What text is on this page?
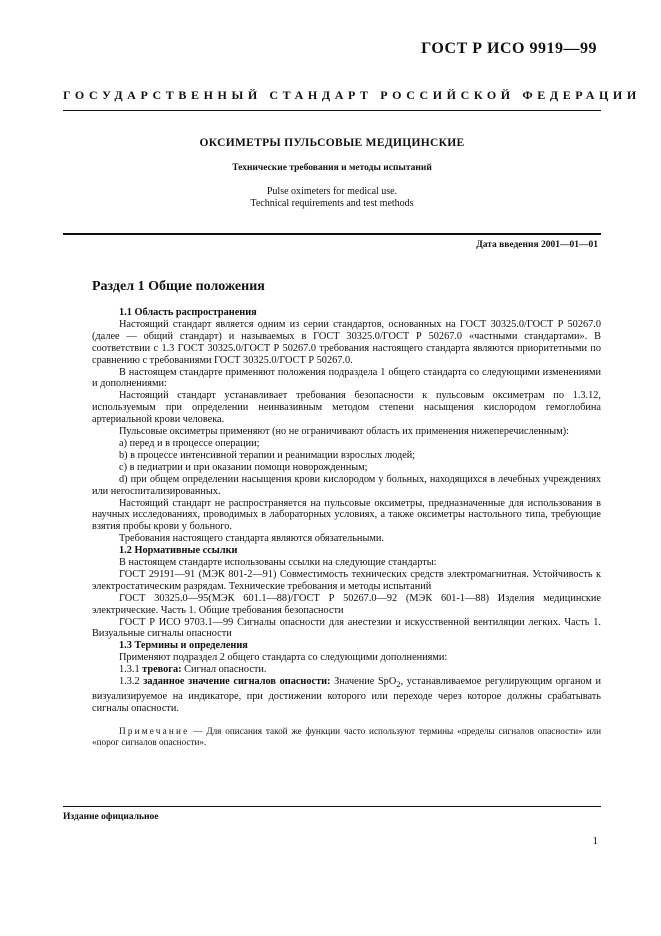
ГОСТ Р ИСО 9919—99
ГОСУДАРСТВЕННЫЙ СТАНДАРТ РОССИЙСКОЙ ФЕДЕРАЦИИ
ОКСИМЕТРЫ ПУЛЬСОВЫЕ МЕДИЦИНСКИЕ
Технические требования и методы испытаний
Pulse oximeters for medical use.
Technical requirements and test methods
Дата введения 2001—01—01
Раздел 1 Общие положения

1.1 Область распространения

Настоящий стандарт является одним из серии стандартов, основанных на ГОСТ 30325.0/ГОСТ Р 50267.0 (далее — общий стандарт) и называемых в ГОСТ 30325.0/ГОСТ Р 50267.0 «частными стандартами». В соответствии с 1.3 ГОСТ 30325.0/ГОСТ Р 50267.0 требования настоящего стандарта являются приоритетными по сравнению с требованиями ГОСТ 30325.0/ГОСТ Р 50267.0.

В настоящем стандарте применяют положения подраздела 1 общего стандарта со следующими изменениями и дополнениями:

Настоящий стандарт устанавливает требования безопасности к пульсовым оксиметрам по 1.3.12, используемым при определении неинвазивным методом степени насыщения кислородом гемоглобина артериальной крови человека.

Пульсовые оксиметры применяют (но не ограничивают область их применения нижеперечисленным):

a) перед и в процессе операции;

b) в процессе интенсивной терапии и реанимации взрослых людей;

c) в педиатрии и при оказании помощи новорожденным;

d) при общем определении насыщения крови кислородом у больных, находящихся в лечебных учреждениях или негоспитализированных.

Настоящий стандарт не распространяется на пульсовые оксиметры, предназначенные для использования в научных исследованиях, проводимых в лабораторных условиях, а также оксиметры настольного типа, требующие взятия пробы крови у больного.

Требования настоящего стандарта являются обязательными.

1.2 Нормативные ссылки

В настоящем стандарте использованы ссылки на следующие стандарты:

ГОСТ 29191—91 (МЭК 801-2—91) Совместимость технических средств электромагнитная. Устойчивость к электростатическим разрядам. Технические требования и методы испытаний

ГОСТ 30325.0—95(МЭК 601.1—88)/ГОСТ Р 50267.0—92 (МЭК 601-1—88) Изделия медицинские электрические. Часть 1. Общие требования безопасности

ГОСТ Р ИСО 9703.1—99 Сигналы опасности для анестезии и искусственной вентиляции легких. Часть 1. Визуальные сигналы опасности

1.3 Термины и определения

Применяют подраздел 2 общего стандарта со следующими дополнениями:

1.3.1 тревога: Сигнал опасности.

1.3.2 заданное значение сигналов опасности: Значение SpO$_2$, устанавливаемое регулирующим органом и визуализируемое на индикаторе, при достижении которого или переходе через которое должны срабатывать сигналы опасности.

Примечание — Для описания такой же функции часто используют термины «пределы сигналов опасности» или «порог сигналов опасности».

Издание официальное
1
